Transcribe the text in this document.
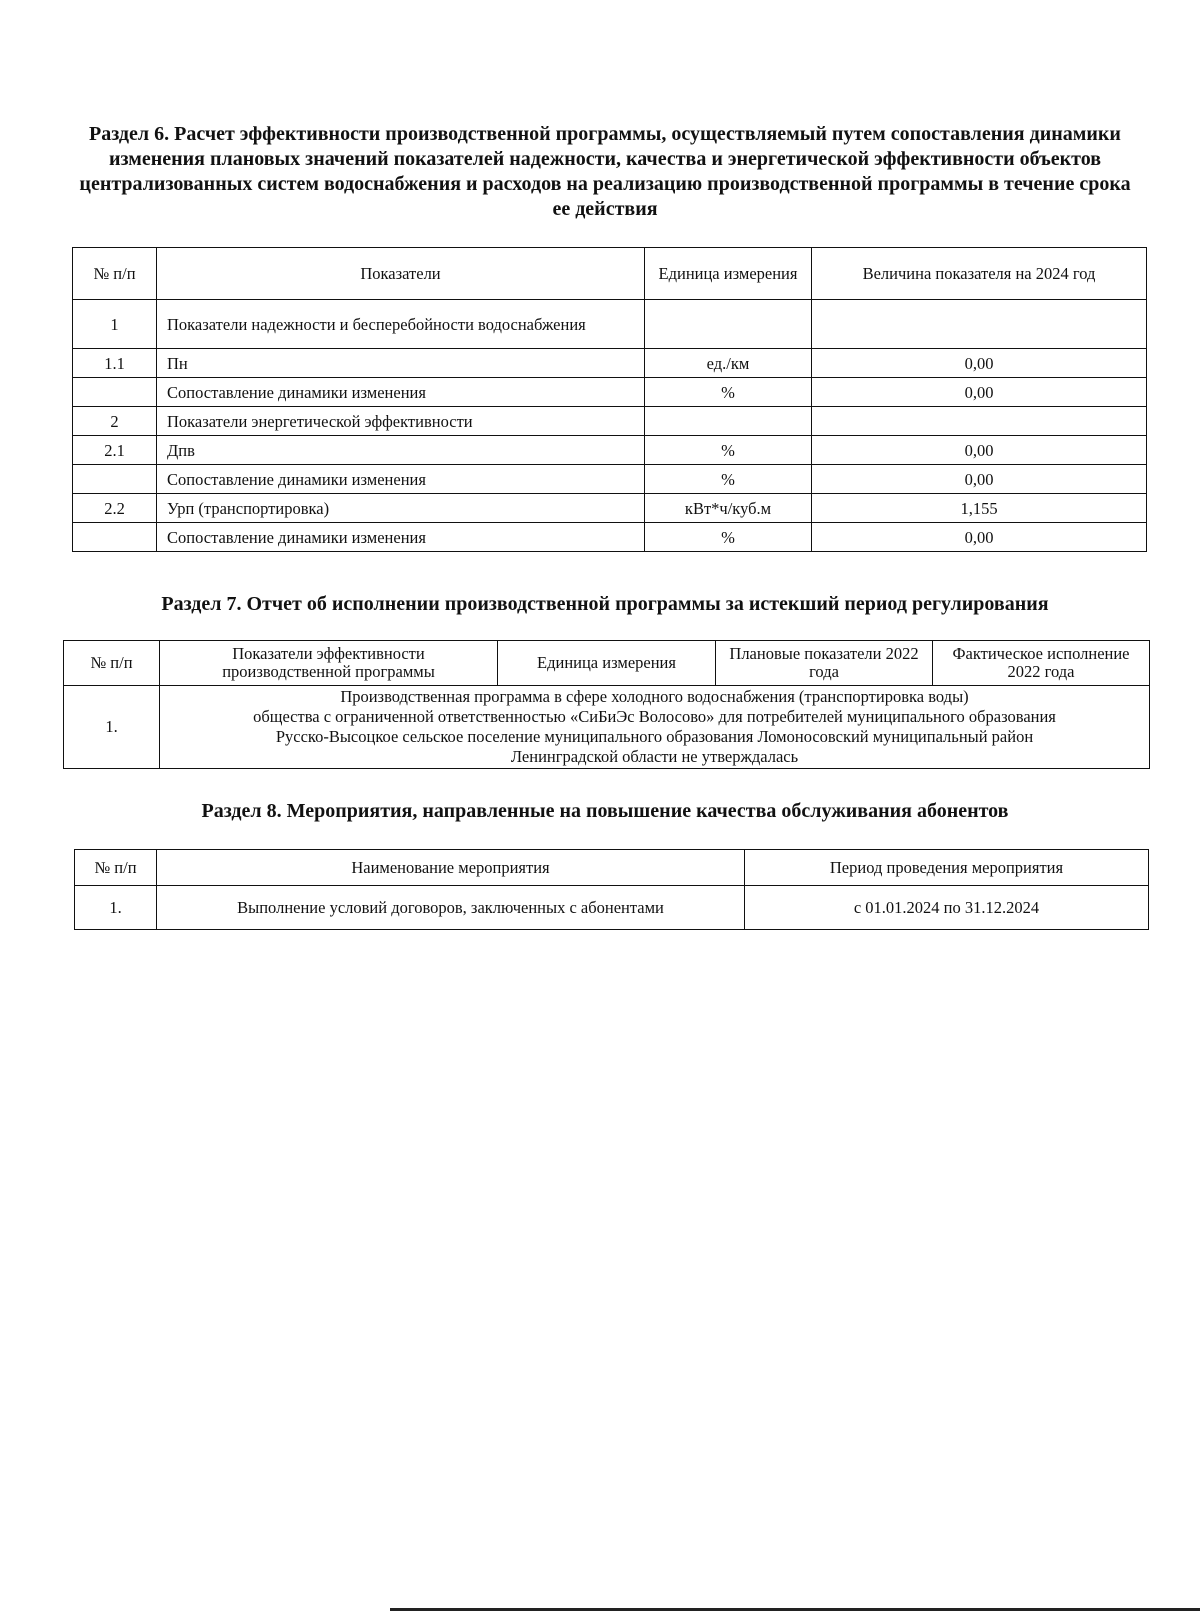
Раздел 6. Расчет эффективности производственной программы, осуществляемый путем сопоставления динамики изменения плановых значений показателей надежности, качества и энергетической эффективности объектов централизованных систем водоснабжения и расходов на реализацию производственной программы в течение срока ее действия
№ п/п	Показатели	Единица измерения	Величина показателя на 2024 год
1	Показатели надежности и бесперебойности водоснабжения		
1.1	Пн	ед./км	0,00
	Сопоставление динамики изменения	%	0,00
2	Показатели энергетической эффективности		
2.1	Дпв	%	0,00
	Сопоставление динамики изменения	%	0,00
2.2	Урп (транспортировка)	кВт*ч/куб.м	1,155
	Сопоставление динамики изменения	%	0,00
Раздел 7. Отчет об исполнении производственной программы за истекший период регулирования
№ п/п	Показатели эффективности производственной программы	Единица измерения	Плановые показатели 2022 года	Фактическое исполнение 2022 года
1.	Производственная программа в сфере холодного водоснабжения (транспортировка воды)
общества с ограниченной ответственностью «СиБиЭс Волосово» для потребителей муниципального образования
Русско-Высоцкое сельское поселение муниципального образования Ломоносовский муниципальный район
Ленинградской области не утверждалась			
Раздел 8. Мероприятия, направленные на повышение качества обслуживания абонентов
№ п/п	Наименование мероприятия	Период проведения мероприятия
1.	Выполнение условий договоров, заключенных с абонентами	с 01.01.2024 по 31.12.2024
